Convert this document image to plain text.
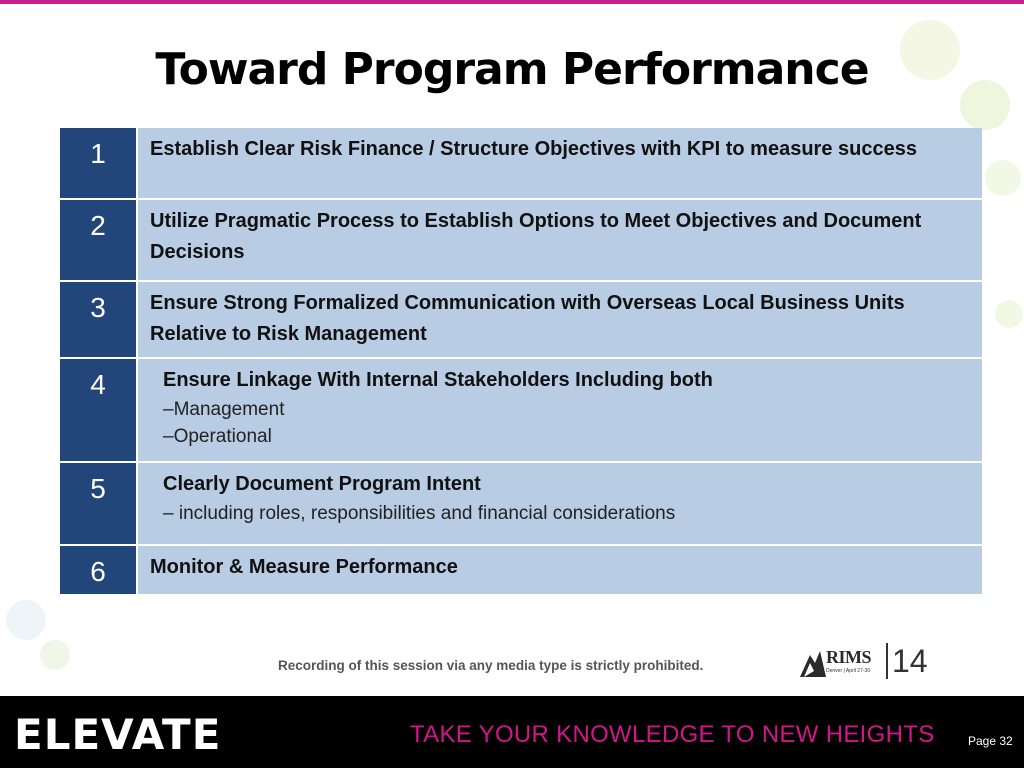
Toward Program Performance
1	Establish Clear Risk Finance / Structure Objectives with KPI to measure success
2	Utilize Pragmatic Process to Establish Options to Meet Objectives and Document Decisions
3	Ensure Strong Formalized Communication with Overseas Local Business Units Relative to Risk Management
4	Ensure Linkage With Internal Stakeholders Including both
–Management
–Operational
5	Clearly Document Program Intent
– including roles, responsibilities and financial considerations
6	Monitor & Measure Performance
Recording of this session via any media type is strictly prohibited.	RIMS
Denver | April 27-30 14
ELEVATE	TAKE YOUR KNOWLEDGE TO NEW HEIGHTS	Page 32
